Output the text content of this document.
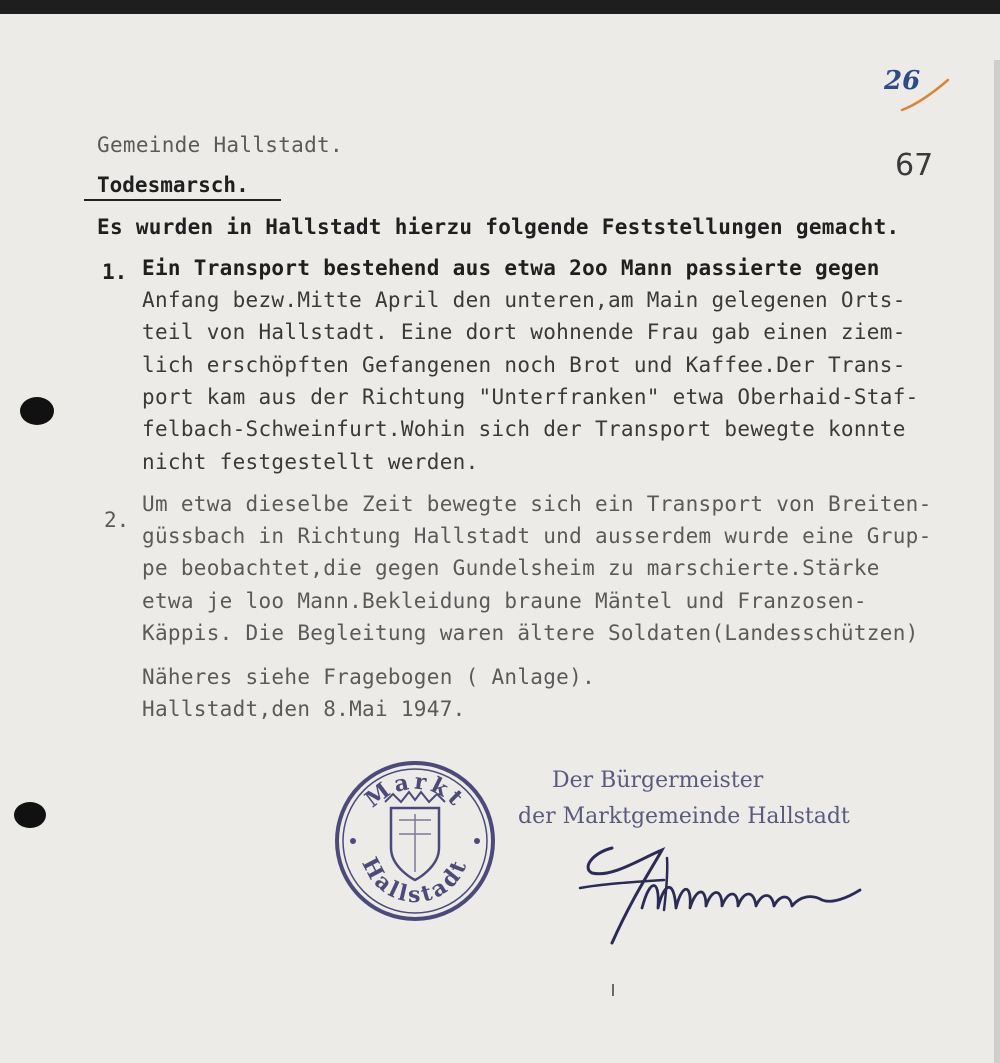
26
Gemeinde Hallstadt.
67
Todesmarsch.
Es wurden in Hallstadt hierzu folgende Feststellungen gemacht.
1. Ein Transport bestehend aus etwa 2oo Mann passierte gegen
Anfang bezw.Mitte April den unteren,am Main gelegenen Orts-
teil von Hallstadt. Eine dort wohnende Frau gab einen ziem-
lich erschöpften Gefangenen noch Brot und Kaffee.Der Trans-
port kam aus der Richtung "Unterfranken" etwa Oberhaid-Staf-
felbach-Schweinfurt.Wohin sich der Transport bewegte konnte
nicht festgestellt werden.
2.
Um etwa dieselbe Zeit bewegte sich ein Transport von Breiten-
güssbach in Richtung Hallstadt und ausserdem wurde eine Grup-
pe beobachtet,die gegen Gundelsheim zu marschierte.Stärke
etwa je loo Mann.Bekleidung braune Mäntel und Franzosen-
Käppis. Die Begleitung waren ältere Soldaten(Landesschützen)
Näheres siehe Fragebogen ( Anlage).
Hallstadt,den 8.Mai 1947.
Markt
Hallstadt
Der Bürgermeister
der Marktgemeinde Hallstadt
